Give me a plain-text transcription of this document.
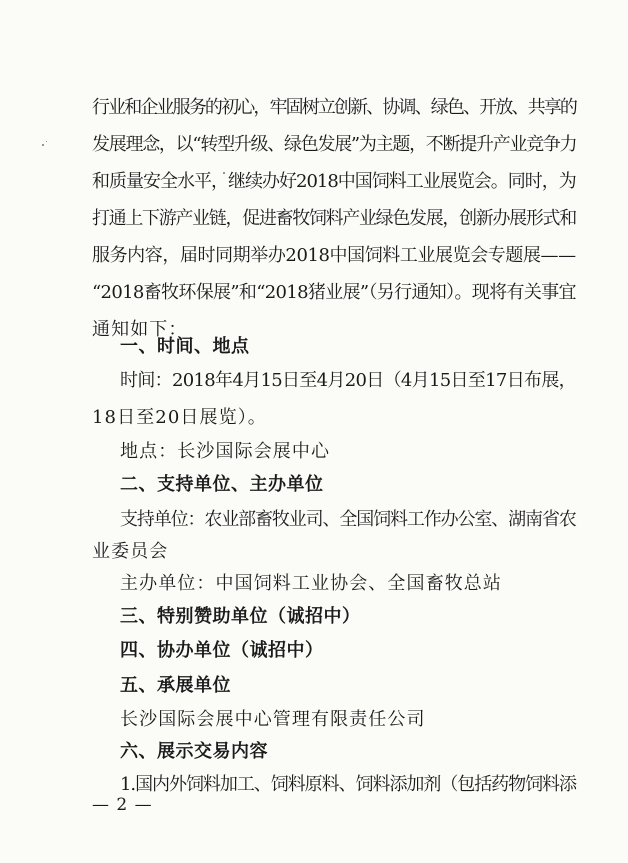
行业和企业服务的初心，牢固树立创新、协调、绿色、开放、共享的
发展理念，以“转型升级、绿色发展”为主题，不断提升产业竞争力
和质量安全水平，继续办好2018中国饲料工业展览会。同时，为
打通上下游产业链，促进畜牧饲料产业绿色发展，创新办展形式和
服务内容，届时同期举办2018中国饲料工业展览会专题展——
“2018畜牧环保展”和“2018猪业展”（另行通知）。现将有关事宜
通知如下：
一、时间、地点
时间：2018年4月15日至4月20日（4月15日至17日布展，
18日至20日展览）。
地点：长沙国际会展中心
二、支持单位、主办单位
支持单位：农业部畜牧业司、全国饲料工作办公室、湖南省农
业委员会
主办单位：中国饲料工业协会、全国畜牧总站
三、特别赞助单位（诚招中）
四、协办单位（诚招中）
五、承展单位
长沙国际会展中心管理有限责任公司
六、展示交易内容
1.国内外饲料加工、饲料原料、饲料添加剂（包括药物饲料添
— 2 —
